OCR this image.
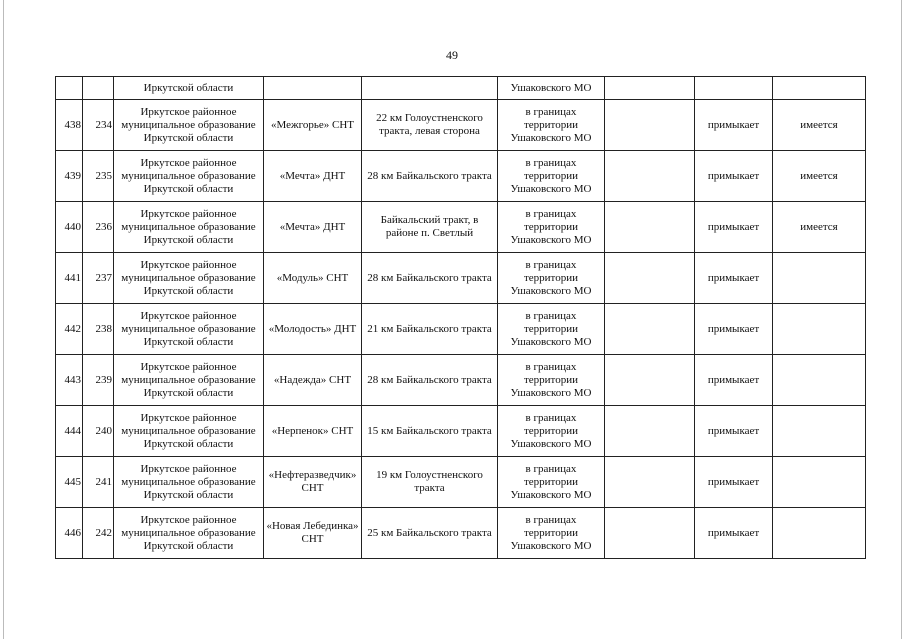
49
		Иркутской области			Ушаковского МО			
438	234	Иркутское районное муниципальное образование Иркутской области	«Межгорье» СНТ	22 км Голоустненского тракта, левая сторона	в границах территории Ушаковского МО		примыкает	имеется
439	235	Иркутское районное муниципальное образование Иркутской области	«Мечта» ДНТ	28 км Байкальского тракта	в границах территории Ушаковского МО		примыкает	имеется
440	236	Иркутское районное муниципальное образование Иркутской области	«Мечта» ДНТ	Байкальский тракт, в районе п. Светлый	в границах территории Ушаковского МО		примыкает	имеется
441	237	Иркутское районное муниципальное образование Иркутской области	«Модуль» СНТ	28 км Байкальского тракта	в границах территории Ушаковского МО		примыкает	
442	238	Иркутское районное муниципальное образование Иркутской области	«Молодость» ДНТ	21 км Байкальского тракта	в границах территории Ушаковского МО		примыкает	
443	239	Иркутское районное муниципальное образование Иркутской области	«Надежда» СНТ	28 км Байкальского тракта	в границах территории Ушаковского МО		примыкает	
444	240	Иркутское районное муниципальное образование Иркутской области	«Нерпенок» СНТ	15 км Байкальского тракта	в границах территории Ушаковского МО		примыкает	
445	241	Иркутское районное муниципальное образование Иркутской области	«Нефтеразведчик» СНТ	19 км Голоустненского тракта	в границах территории Ушаковского МО		примыкает	
446	242	Иркутское районное муниципальное образование Иркутской области	«Новая Лебединка» СНТ	25 км Байкальского тракта	в границах территории Ушаковского МО		примыкает	
